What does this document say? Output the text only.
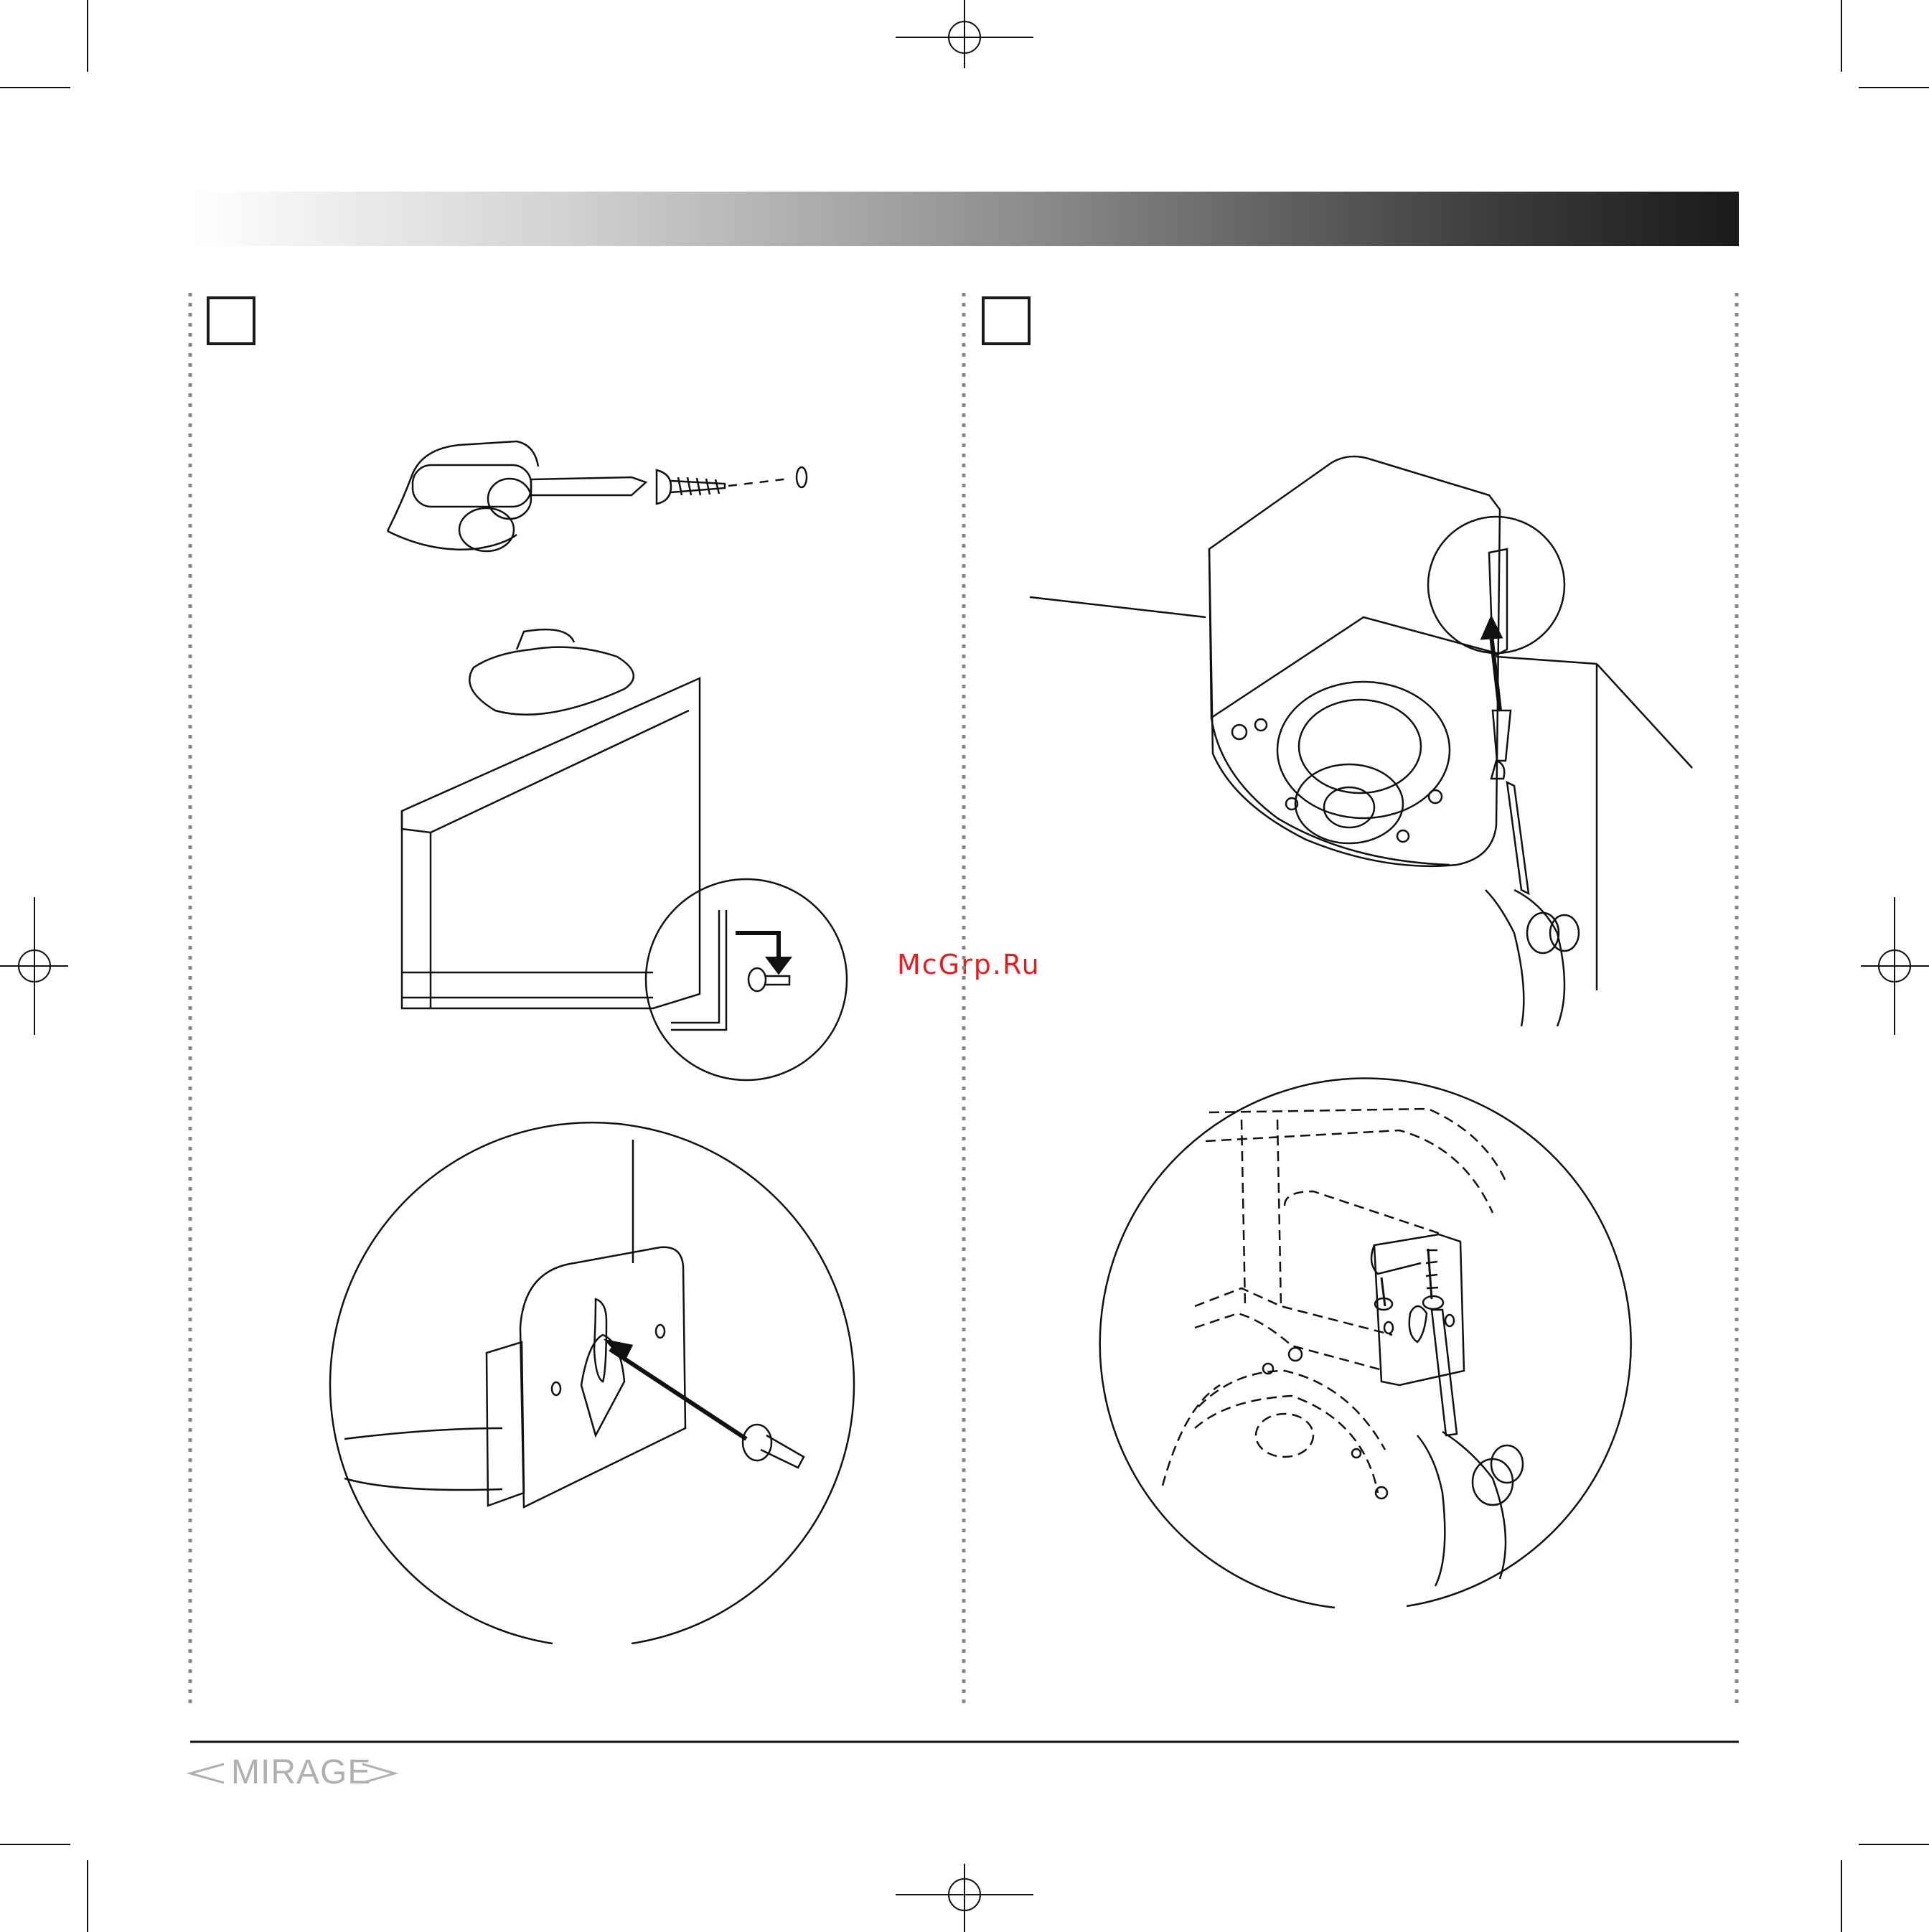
McGrp.Ru
MIRAGE
